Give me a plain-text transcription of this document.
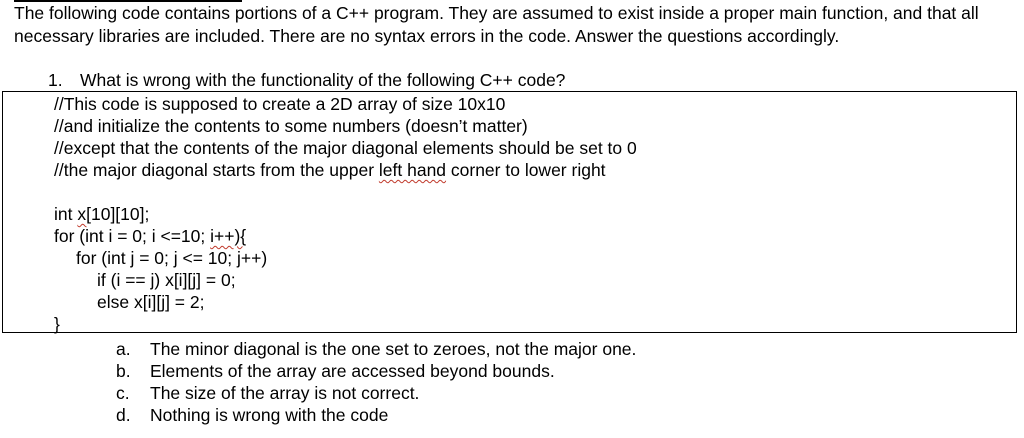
The following code contains portions of a C++ program. They are assumed to exist inside a proper main function, and that all necessary libraries are included. There are no syntax errors in the code. Answer the questions accordingly.
1. What is wrong with the functionality of the following C++ code?
//This code is supposed to create a 2D array of size 10x10
//and initialize the contents to some numbers (doesn’t matter)
//except that the contents of the major diagonal elements should be set to 0
//the major diagonal starts from the upper left hand corner to lower right
int x[10][10];
for (int i = 0; i <=10; i++){
for (int j = 0; j <= 10; j++)
if (i == j) x[i][j] = 0;
else x[i][j] = 2;
}
a. The minor diagonal is the one set to zeroes, not the major one.
b. Elements of the array are accessed beyond bounds.
c. The size of the array is not correct.
d. Nothing is wrong with the code
